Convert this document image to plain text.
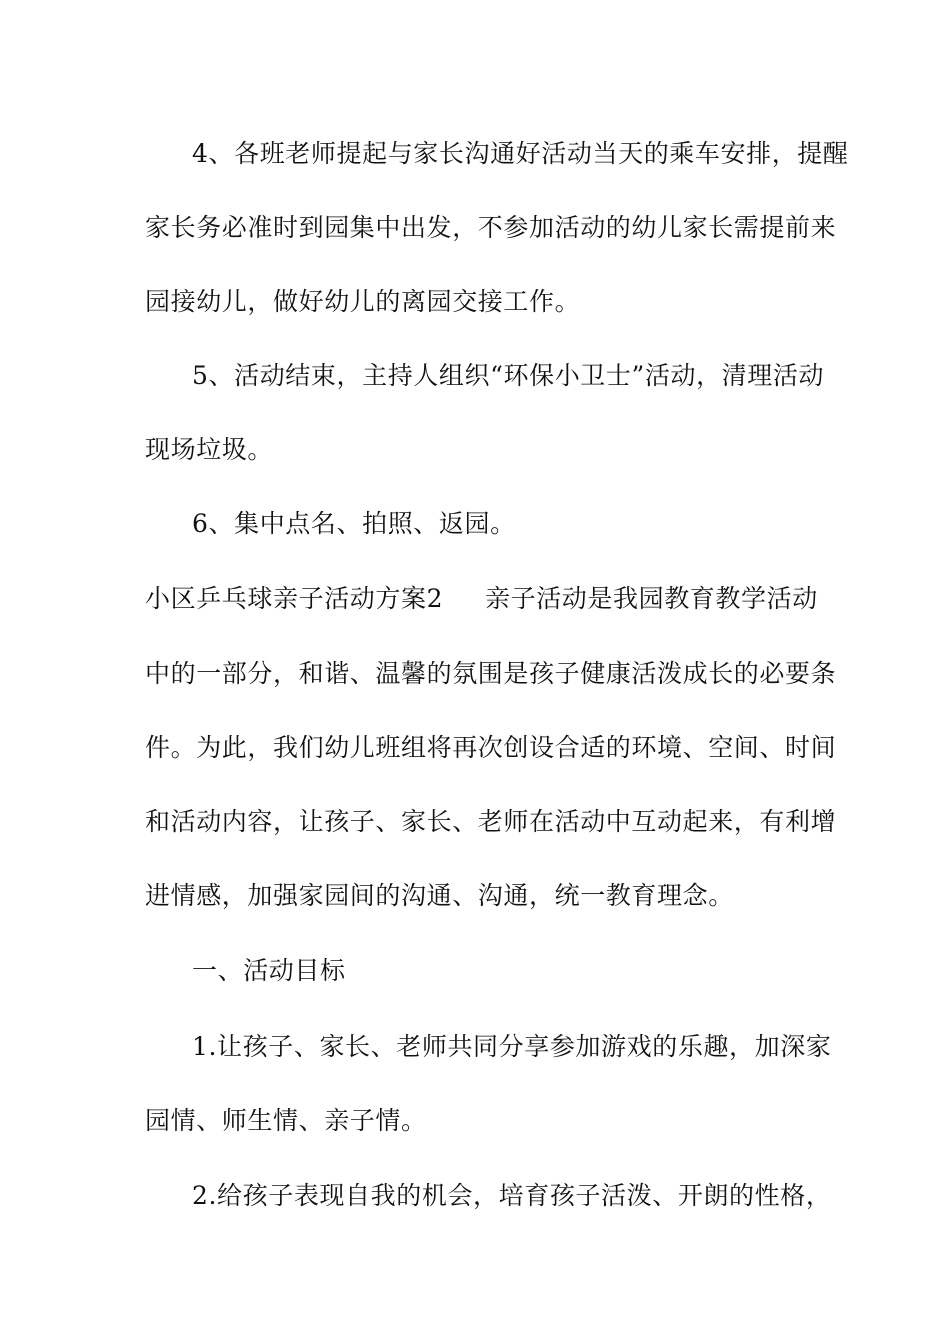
4、各班老师提起与家长沟通好活动当天的乘车安排，提醒
家长务必准时到园集中出发，不参加活动的幼儿家长需提前来
园接幼儿，做好幼儿的离园交接工作。
5、活动结束，主持人组织“环保小卫士”活动，清理活动
现场垃圾。
6、集中点名、拍照、返园。
小区乒乓球亲子活动方案2 亲子活动是我园教育教学活动
中的一部分，和谐、温馨的氛围是孩子健康活泼成长的必要条
件。为此，我们幼儿班组将再次创设合适的环境、空间、时间
和活动内容，让孩子、家长、老师在活动中互动起来，有利增
进情感，加强家园间的沟通、沟通，统一教育理念。
一、活动目标
1.让孩子、家长、老师共同分享参加游戏的乐趣，加深家
园情、师生情、亲子情。
2.给孩子表现自我的机会，培育孩子活泼、开朗的性格，
